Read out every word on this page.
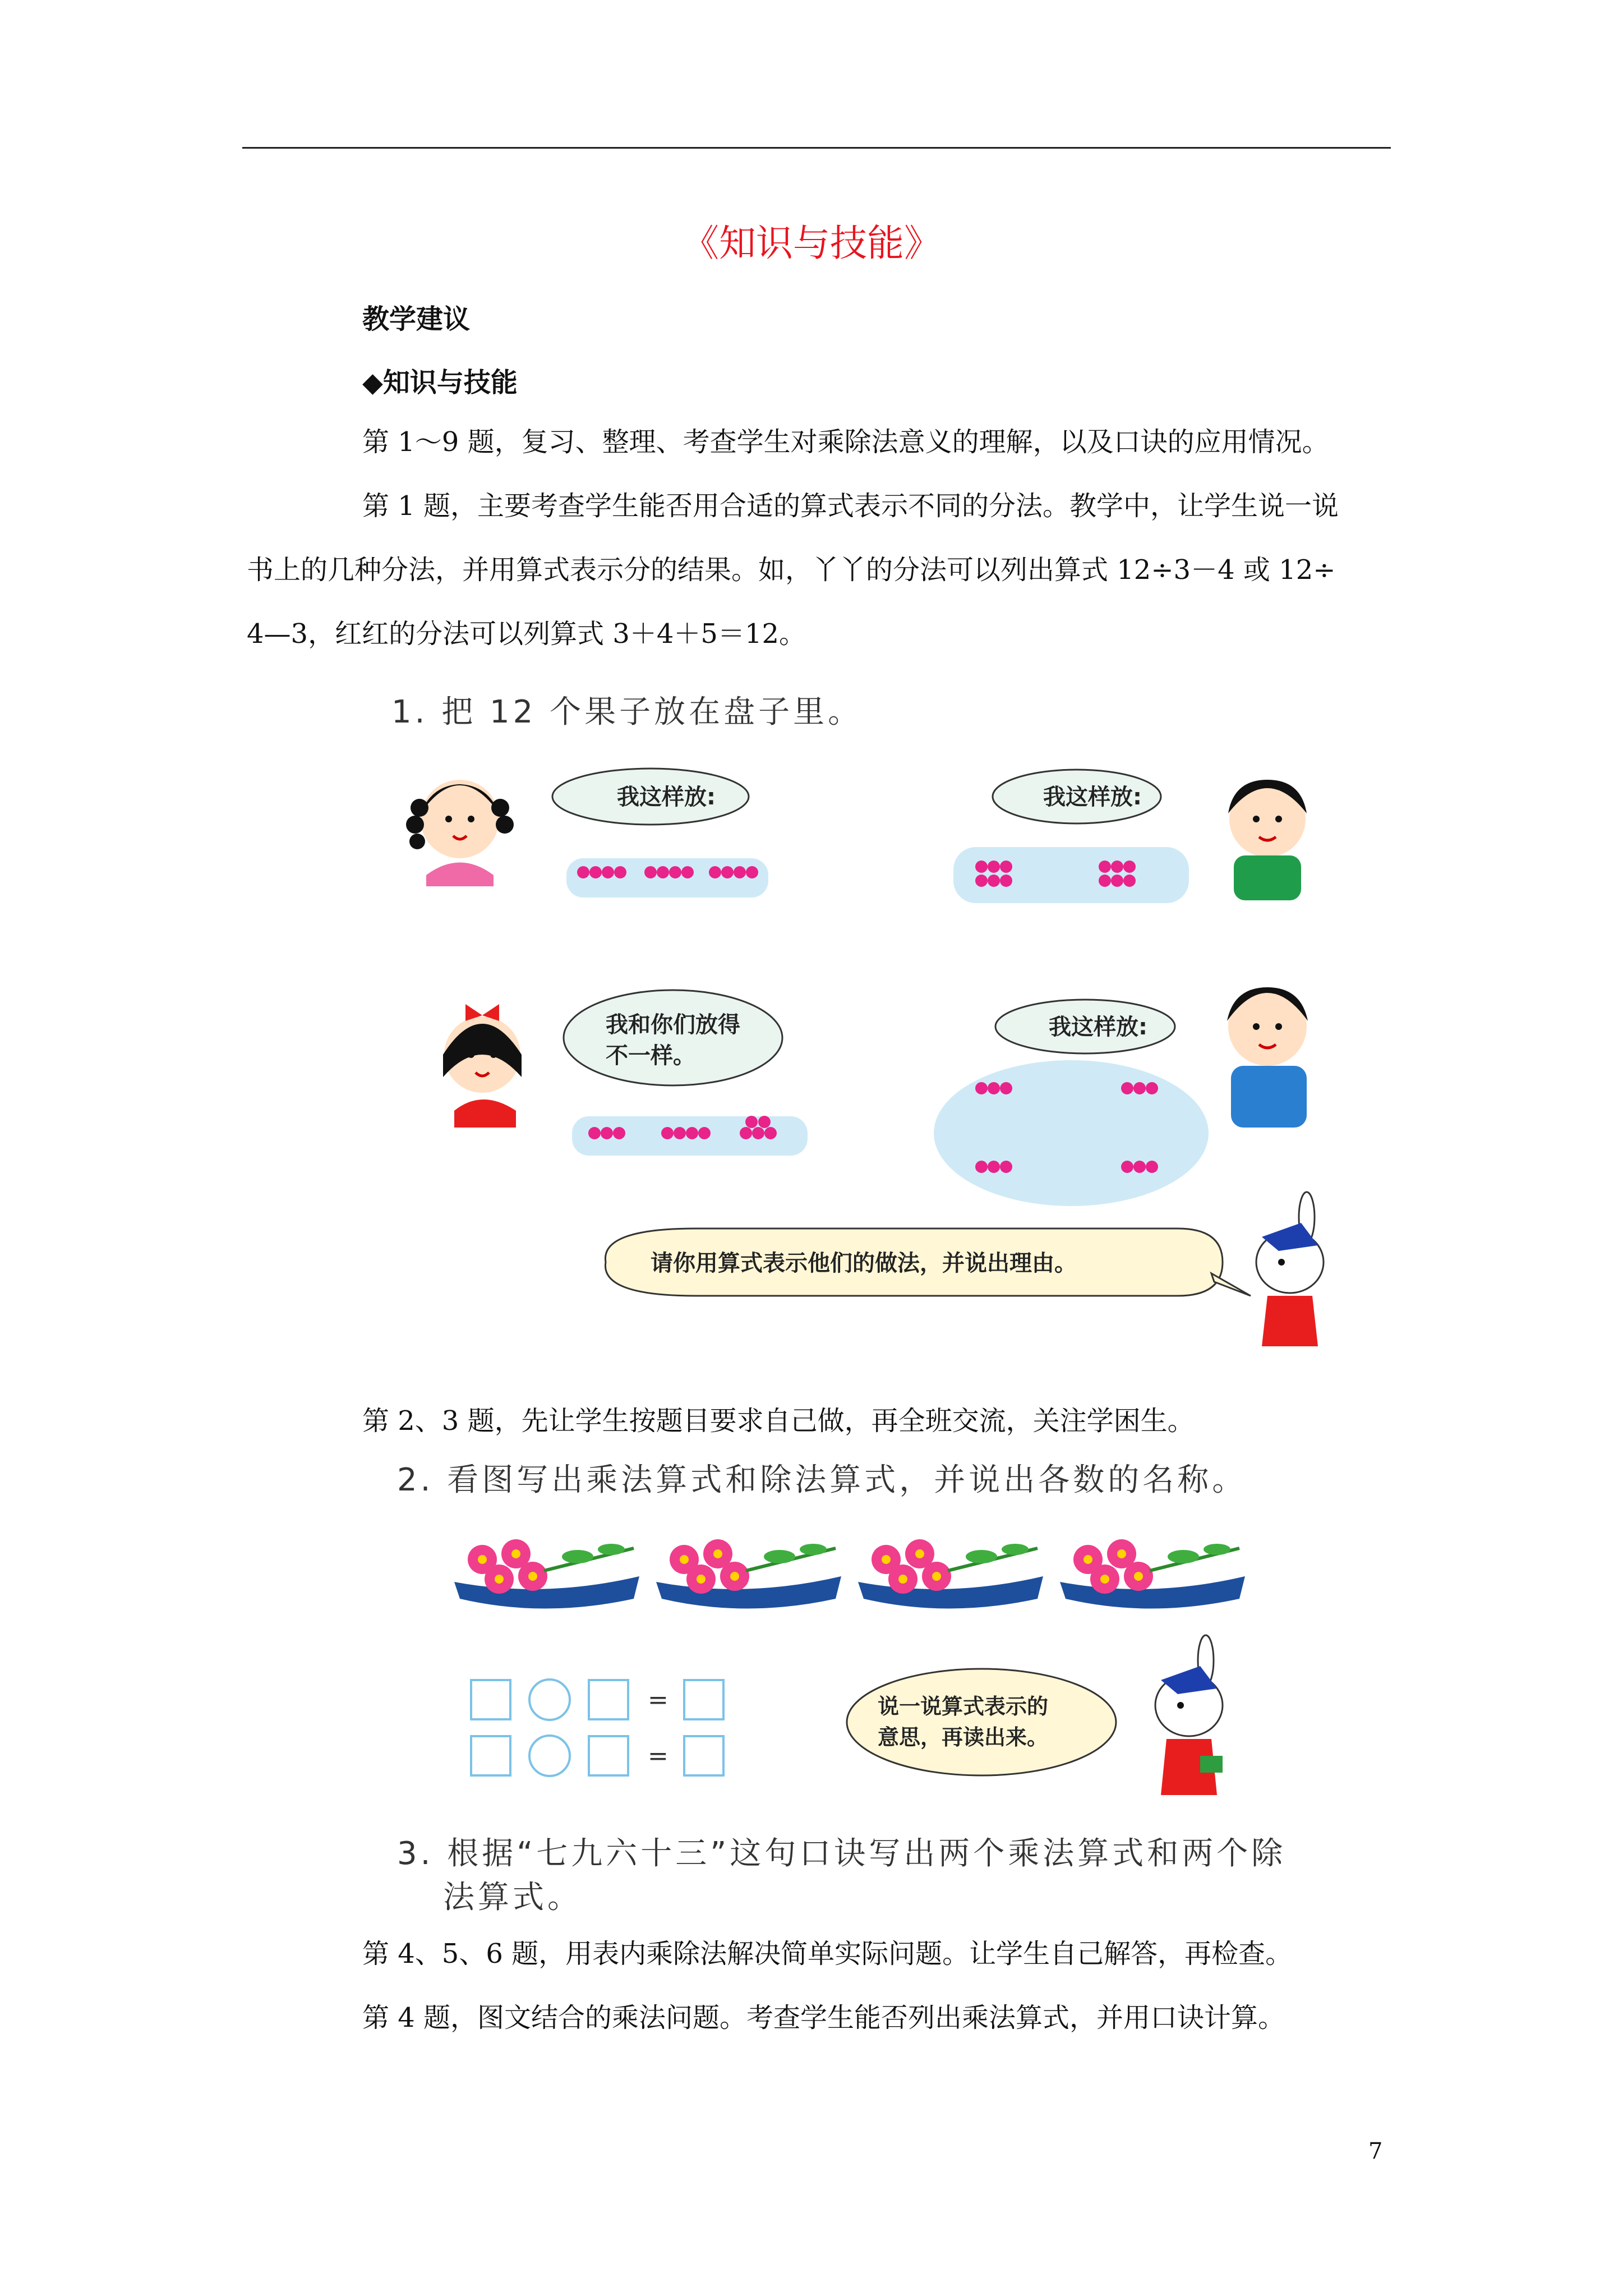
《知识与技能》
教学建议
◆知识与技能
第 1～9 题，复习、整理、考查学生对乘除法意义的理解，以及口诀的应用情况。
第 1 题，主要考查学生能否用合适的算式表示不同的分法。教学中，让学生说一说
书上的几种分法，并用算式表示分的结果。如，丫丫的分法可以列出算式 12÷3－4 或 12÷
4—3，红红的分法可以列算式 3＋4＋5＝12。
1. 把 12 个果子放在盘子里。
我这样放:	我这样放:
我和你们放得
不一样。
我这样放:
请你用算式表示他们的做法，并说出理由。
第 2、3 题，先让学生按题目要求自己做，再全班交流，关注学困生。
2. 看图写出乘法算式和除法算式，并说出各数的名称。
=
=
说一说算式表示的
意思，再读出来。
3. 根据“七九六十三”这句口诀写出两个乘法算式和两个除
法算式。
第 4、5、6 题，用表内乘除法解决简单实际问题。让学生自己解答，再检查。
第 4 题，图文结合的乘法问题。考查学生能否列出乘法算式，并用口诀计算。
7
